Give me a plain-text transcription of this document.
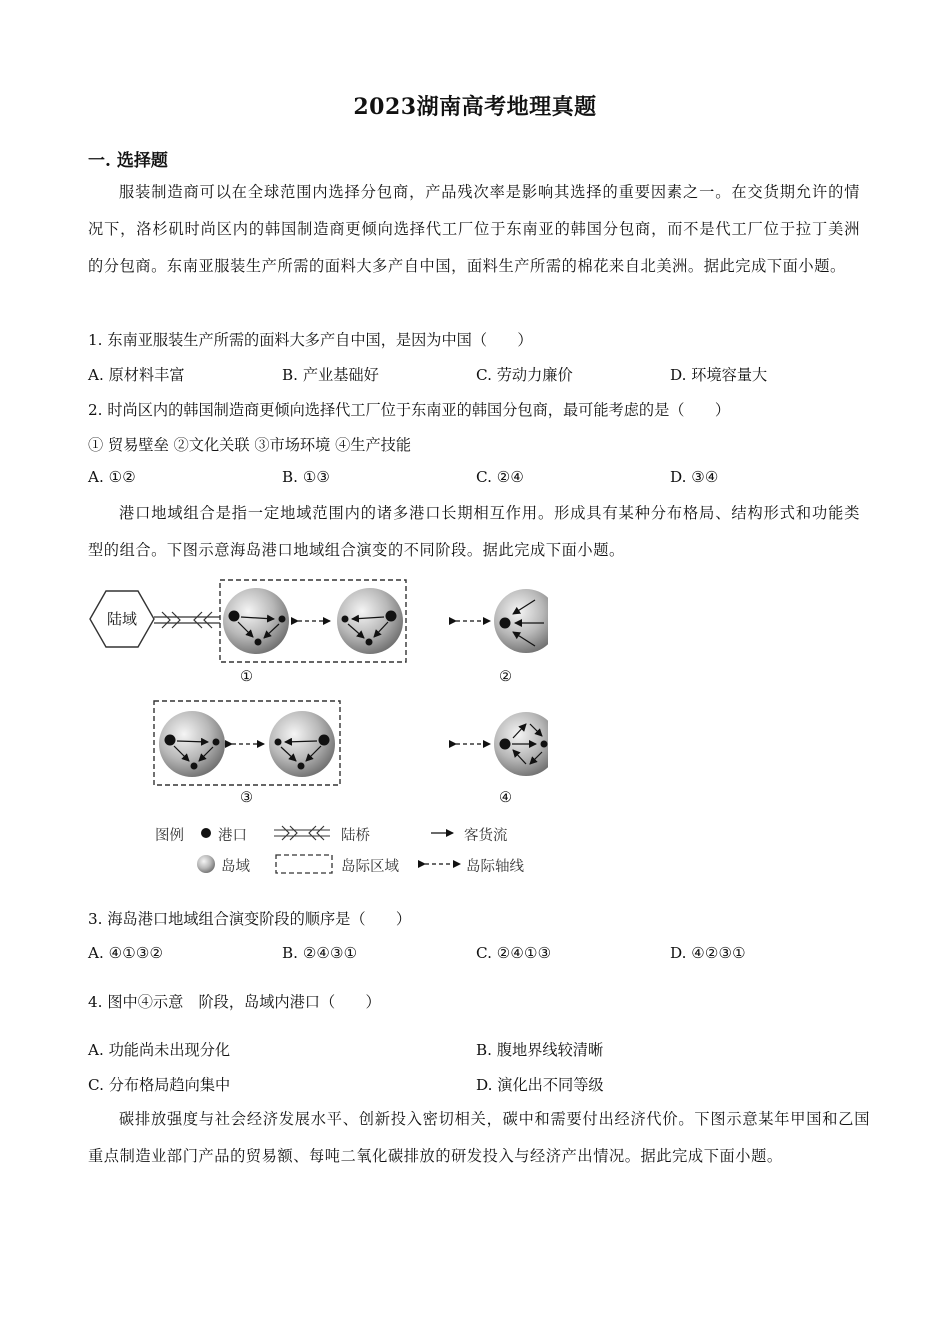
2023湖南高考地理真题
一. 选择题

服装制造商可以在全球范围内选择分包商，产品残次率是影响其选择的重要因素之一。在交货期允许的情况下，洛杉矶时尚区内的韩国制造商更倾向选择代工厂位于东南亚的韩国分包商，而不是代工厂位于拉丁美洲的分包商。东南亚服装生产所需的面料大多产自中国，面料生产所需的棉花来自北美洲。据此完成下面小题。

1. 东南亚服装生产所需的面料大多产自中国，是因为中国（　　）
A. 原材料丰富	B. 产业基础好	C. 劳动力廉价	D. 环境容量大
2. 时尚区内的韩国制造商更倾向选择代工厂位于东南亚的韩国分包商，最可能考虑的是（　　）
① 贸易壁垒 ②文化关联 ③市场环境 ④生产技能
A. ①②	B. ①③	C. ②④	D. ③④

港口地域组合是指一定地域范围内的诸多港口长期相互作用。形成具有某种分布格局、结构形式和功能类型的组合。下图示意海岛港口地域组合演变的不同阶段。据此完成下面小题。

陆域
①	②
③	④
图例 港口	陆桥	客货流
岛域	岛际区域	岛际轴线
3. 海岛港口地域组合演变阶段的顺序是（　　）
A. ④①③②	B. ②④③①	C. ②④①③	D. ④②③①
4. 图中④示意　阶段，岛域内港口（　　）
A. 功能尚未出现分化	B. 腹地界线较清晰
C. 分布格局趋向集中	D. 演化出不同等级

碳排放强度与社会经济发展水平、创新投入密切相关，碳中和需要付出经济代价。下图示意某年甲国和乙国重点制造业部门产品的贸易额、每吨二氧化碳排放的研发投入与经济产出情况。据此完成下面小题。
